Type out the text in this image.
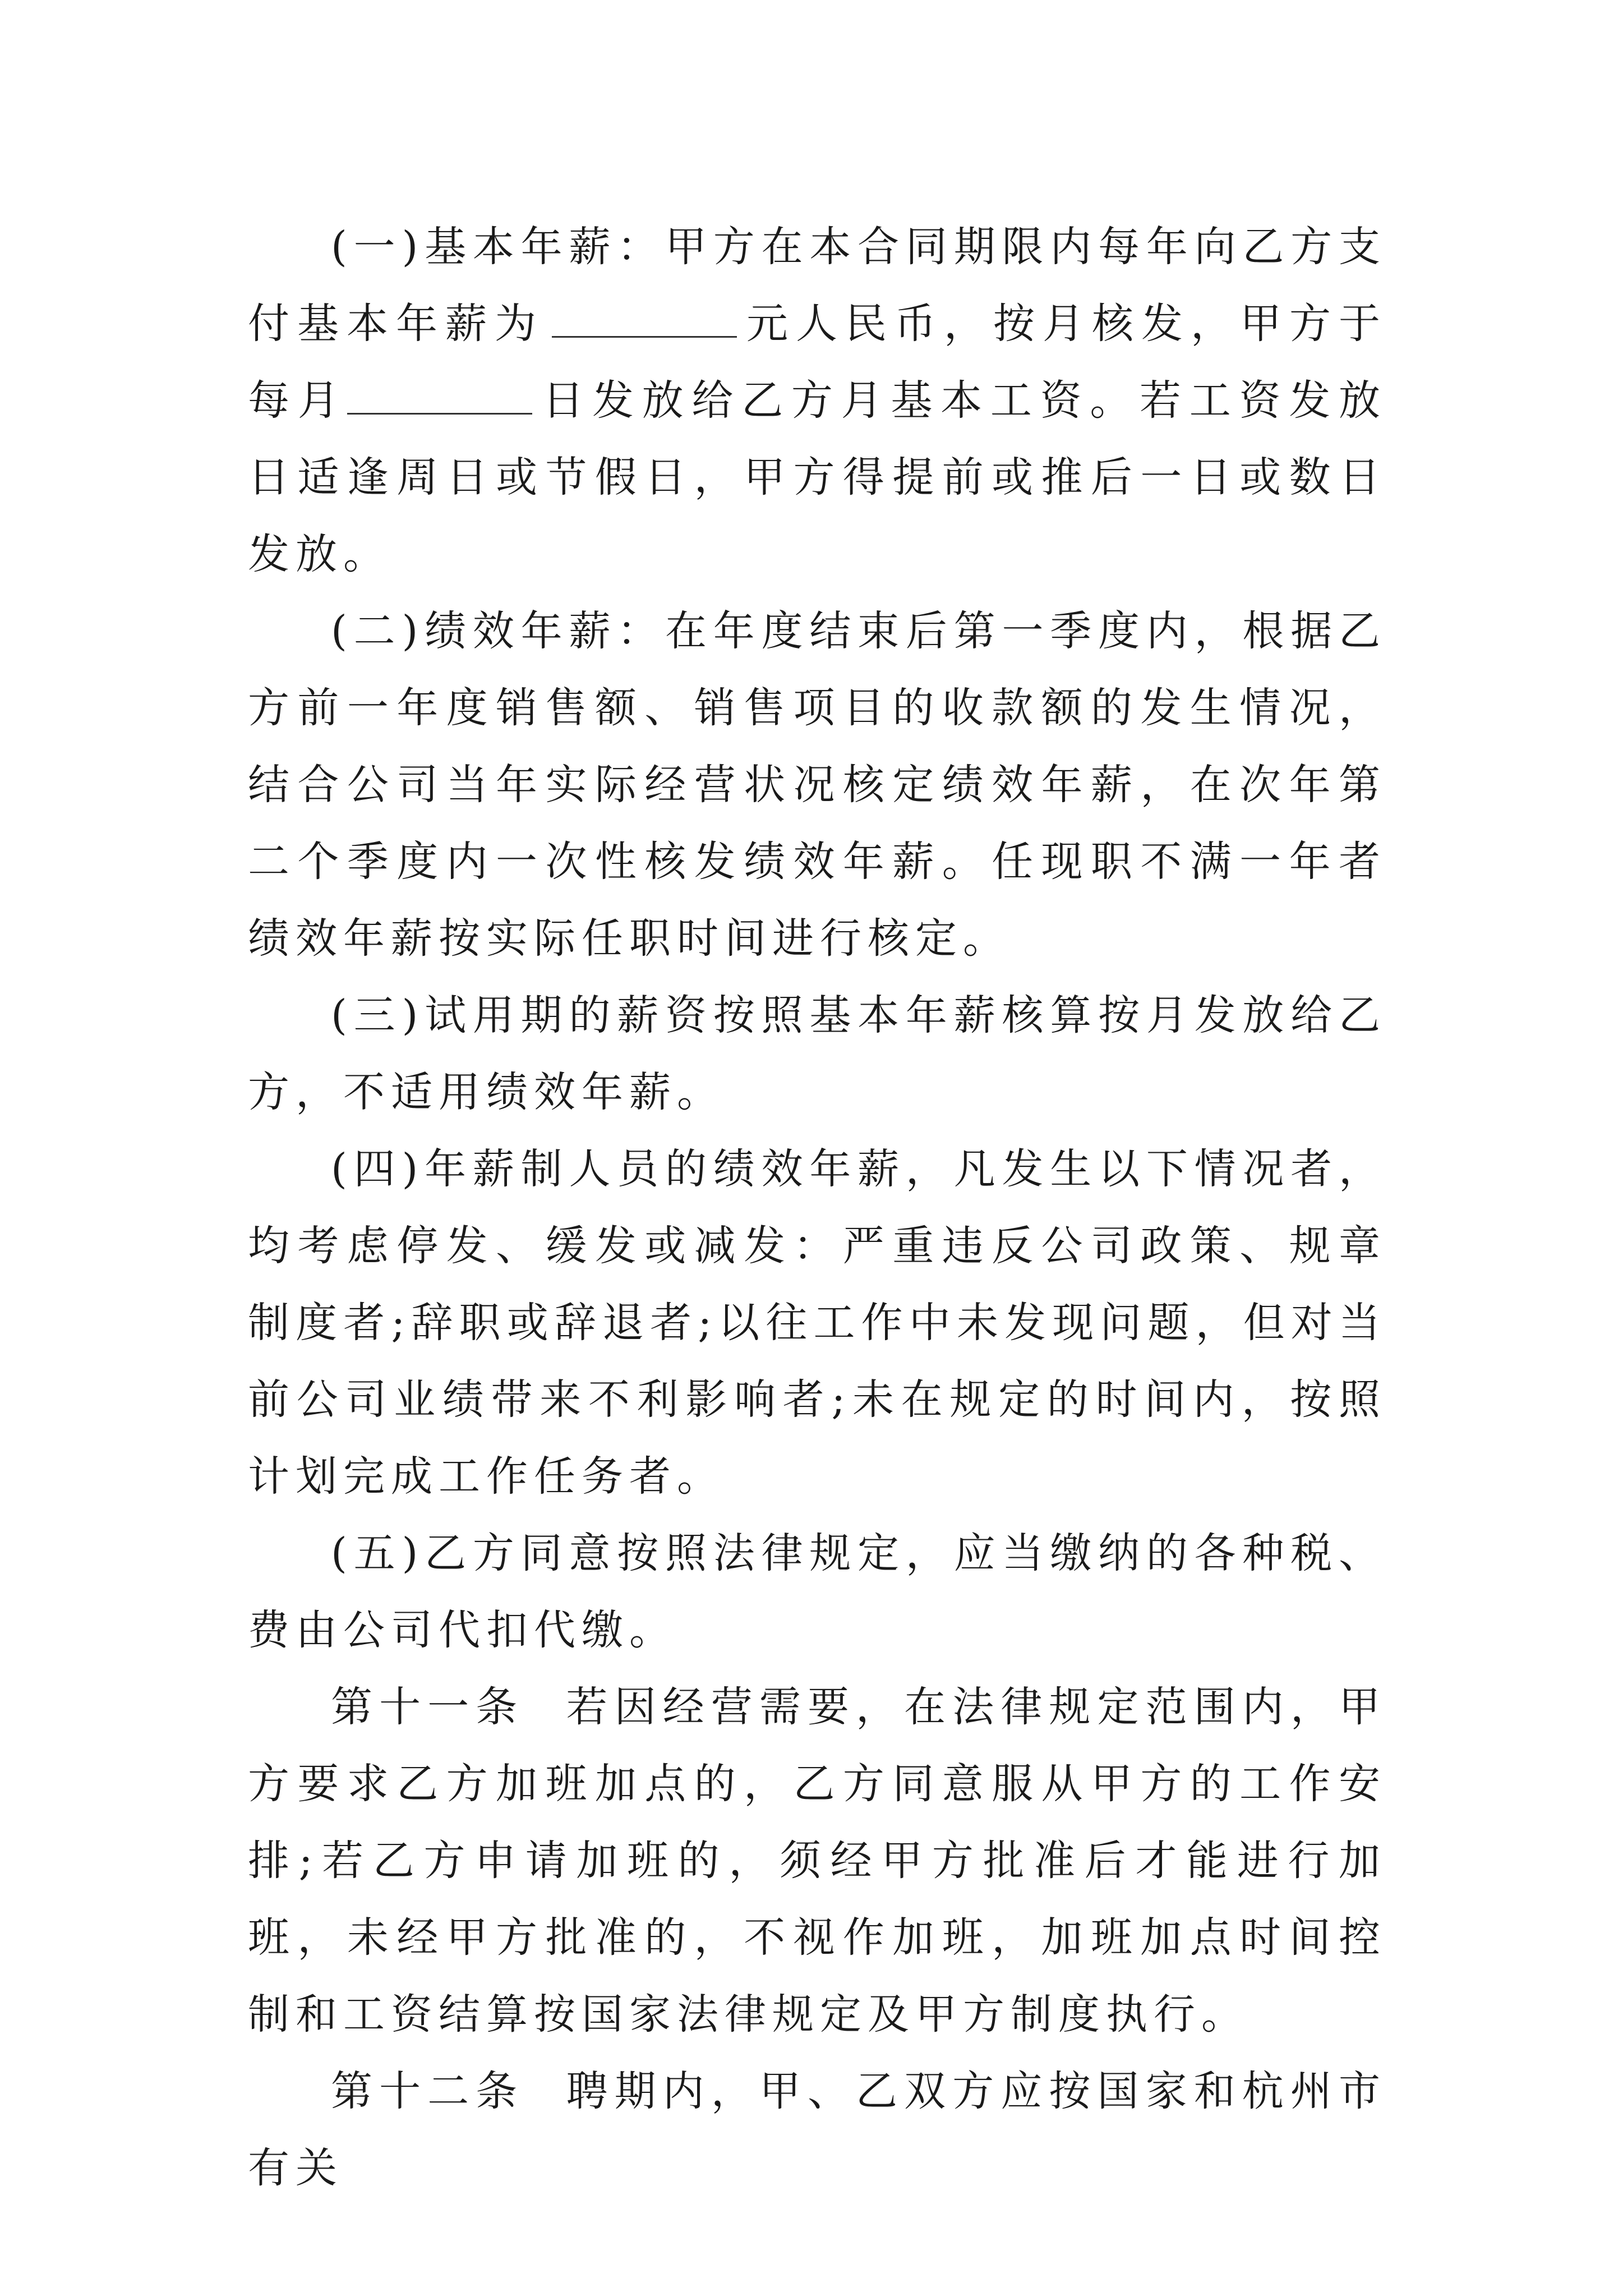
(一)基本年薪：甲方在本合同期限内每年向乙方支付基本年薪为	元人民币，按月核发，甲方于每月	日发放给乙方月基本工资。若工资发放日适逢周日或节假日，甲方得提前或推后一日或数日发放。

(二)绩效年薪：在年度结束后第一季度内，根据乙方前一年度销售额、销售项目的收款额的发生情况，结合公司当年实际经营状况核定绩效年薪，在次年第二个季度内一次性核发绩效年薪。任现职不满一年者绩效年薪按实际任职时间进行核定。

(三)试用期的薪资按照基本年薪核算按月发放给乙方，不适用绩效年薪。

(四)年薪制人员的绩效年薪，凡发生以下情况者，均考虑停发、缓发或减发：严重违反公司政策、规章制度者;辞职或辞退者;以往工作中未发现问题，但对当前公司业绩带来不利影响者;未在规定的时间内，按照计划完成工作任务者。

(五)乙方同意按照法律规定，应当缴纳的各种税、费由公司代扣代缴。

第十一条 若因经营需要，在法律规定范围内，甲方要求乙方加班加点的，乙方同意服从甲方的工作安排;若乙方申请加班的，须经甲方批准后才能进行加班，未经甲方批准的，不视作加班，加班加点时间控制和工资结算按国家法律规定及甲方制度执行。

第十二条 聘期内，甲、乙双方应按国家和杭州市有关
